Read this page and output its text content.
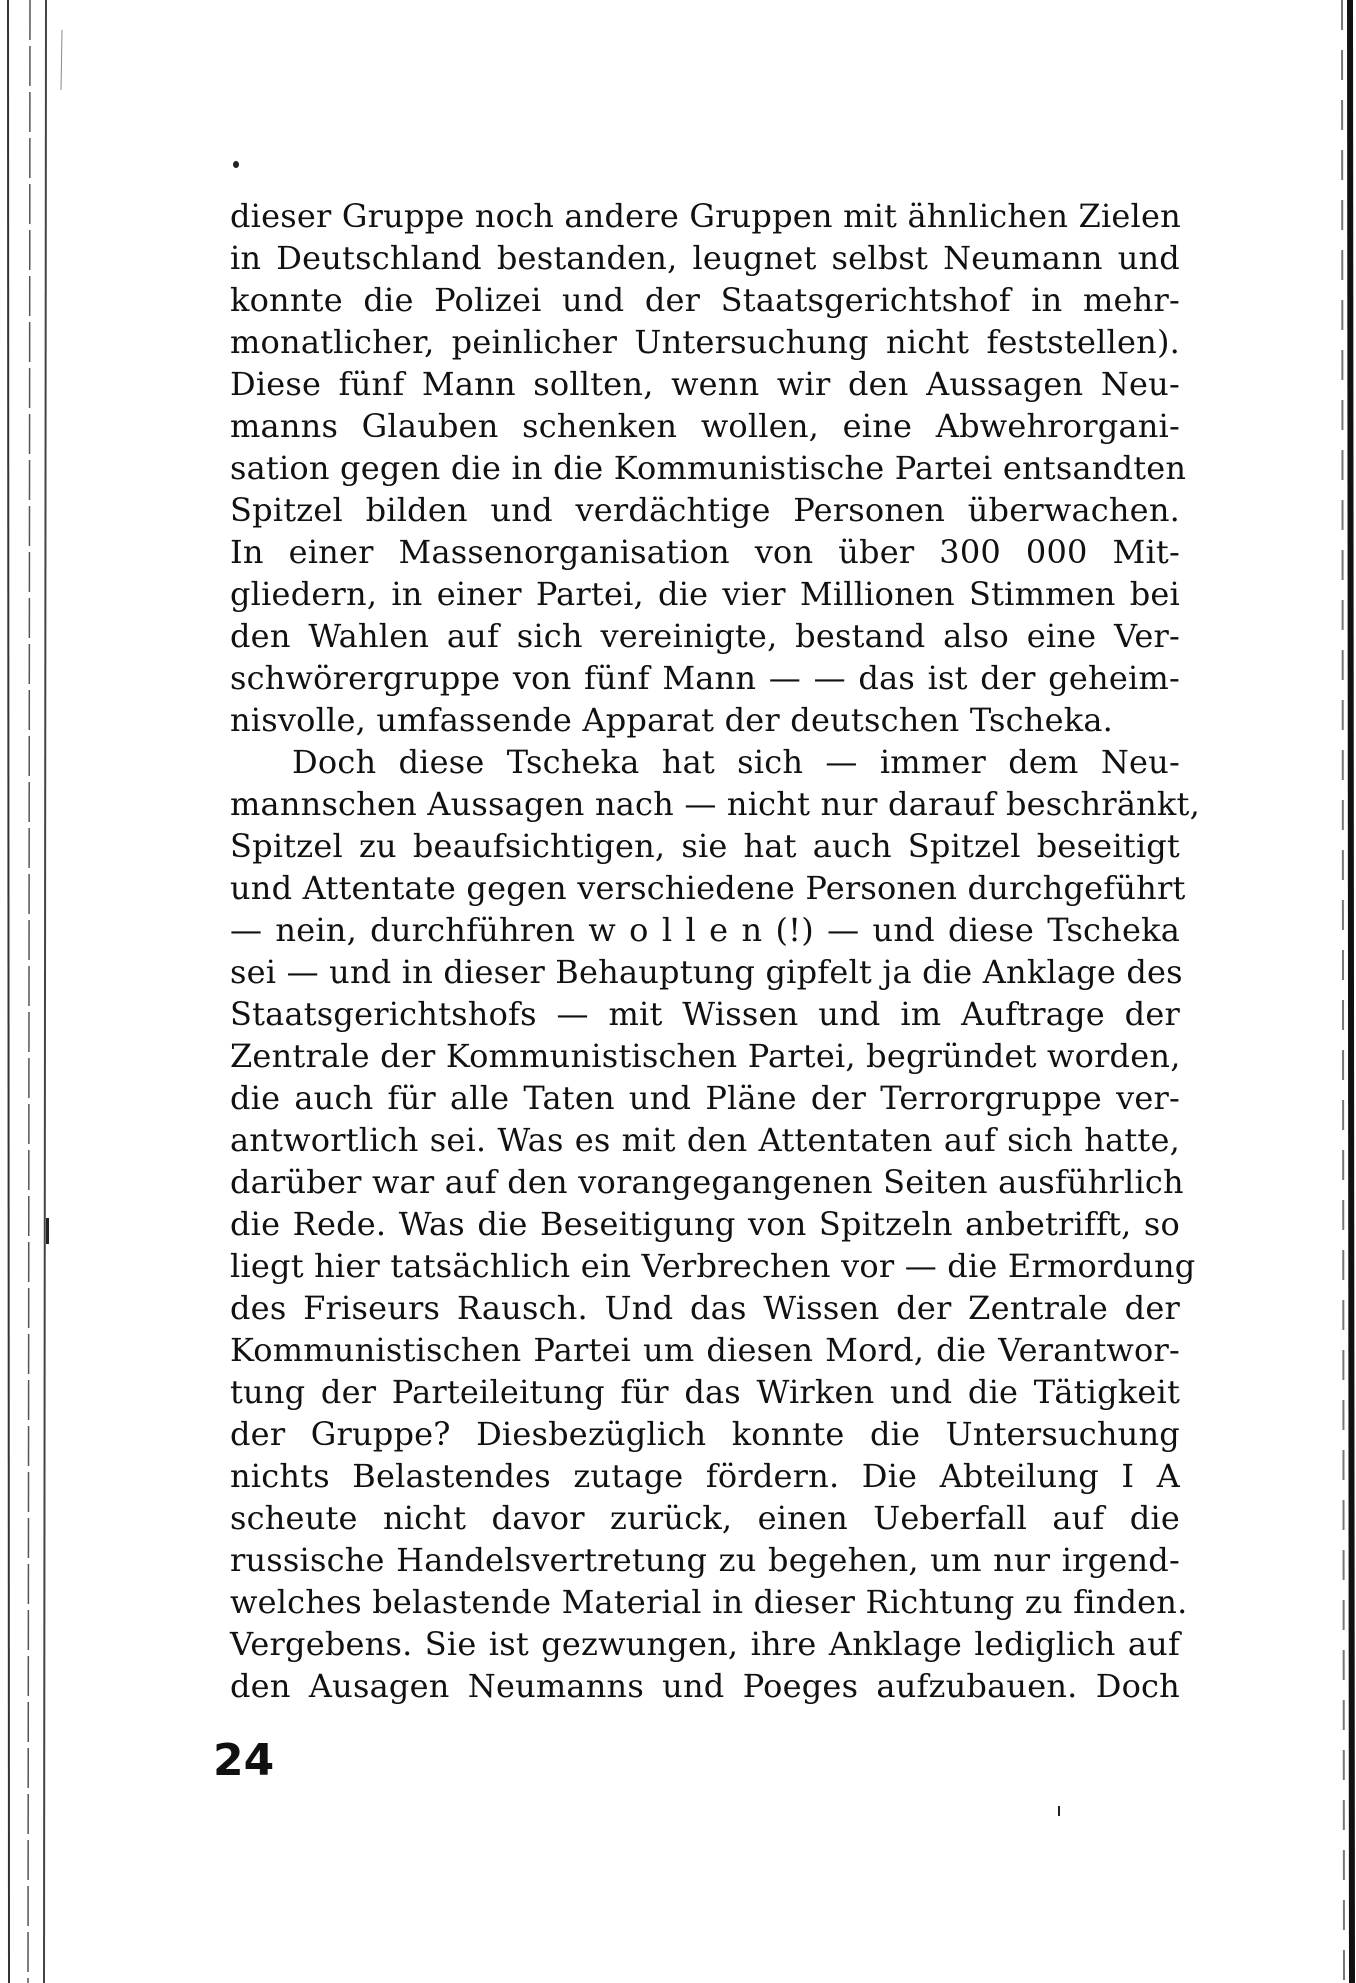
dieser Gruppe noch andere Gruppen mit ähnlichen Zielen
in Deutschland bestanden, leugnet selbst Neumann und
konnte die Polizei und der Staatsgerichtshof in mehr-
monatlicher, peinlicher Untersuchung nicht feststellen).
Diese fünf Mann sollten, wenn wir den Aussagen Neu-
manns Glauben schenken wollen, eine Abwehrorgani-
sation gegen die in die Kommunistische Partei entsandten
Spitzel bilden und verdächtige Personen überwachen.
In einer Massenorganisation von über 300 000 Mit-
gliedern, in einer Partei, die vier Millionen Stimmen bei
den Wahlen auf sich vereinigte, bestand also eine Ver-
schwörergruppe von fünf Mann — — das ist der geheim-
nisvolle, umfassende Apparat der deutschen Tscheka.
Doch diese Tscheka hat sich — immer dem Neu-
mannschen Aussagen nach — nicht nur darauf beschränkt,
Spitzel zu beaufsichtigen, sie hat auch Spitzel beseitigt
und Attentate gegen verschiedene Personen durchgeführt
— nein, durchführen w o l l e n (!) — und diese Tscheka
sei — und in dieser Behauptung gipfelt ja die Anklage des
Staatsgerichtshofs — mit Wissen und im Auftrage der
Zentrale der Kommunistischen Partei, begründet worden,
die auch für alle Taten und Pläne der Terrorgruppe ver-
antwortlich sei. Was es mit den Attentaten auf sich hatte,
darüber war auf den vorangegangenen Seiten ausführlich
die Rede. Was die Beseitigung von Spitzeln anbetrifft, so
liegt hier tatsächlich ein Verbrechen vor — die Ermordung
des Friseurs Rausch. Und das Wissen der Zentrale der
Kommunistischen Partei um diesen Mord, die Verantwor-
tung der Parteileitung für das Wirken und die Tätigkeit
der Gruppe? Diesbezüglich konnte die Untersuchung
nichts Belastendes zutage fördern. Die Abteilung I A
scheute nicht davor zurück, einen Ueberfall auf die
russische Handelsvertretung zu begehen, um nur irgend-
welches belastende Material in dieser Richtung zu finden.
Vergebens. Sie ist gezwungen, ihre Anklage lediglich auf
den Ausagen Neumanns und Poeges aufzubauen. Doch
24
